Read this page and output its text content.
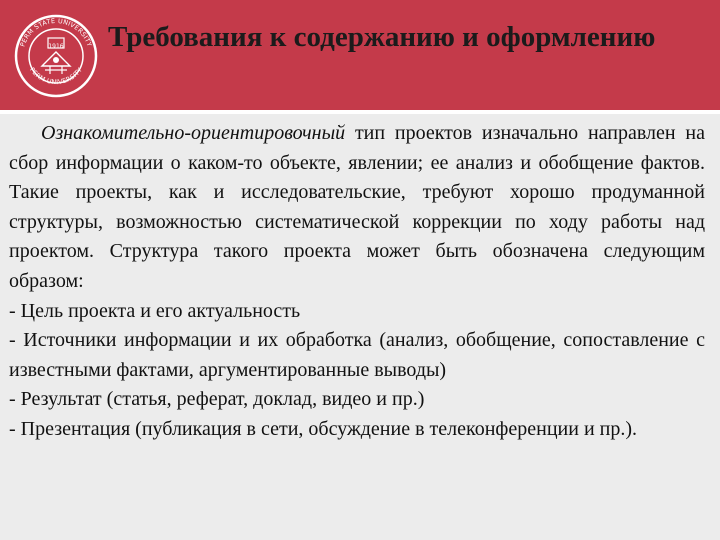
PERM STATE UNIVERSITY
PERM UNIVERSITY
1916 Требования к содержанию и оформлению

Ознакомительно-ориентировочный тип проектов изначально направлен на сбор информации о каком-то объекте, явлении; ее анализ и обобщение фактов. Такие проекты, как и исследовательские, требуют хорошо продуманной структуры, возможностью систематической коррекции по ходу работы над проектом. Структура такого проекта может быть обозначена следующим образом:

- Цель проекта и его актуальность

- Источники информации и их обработка (анализ, обобщение, сопоставление с известными фактами, аргументированные выводы)

- Результат (статья, реферат, доклад, видео и пр.)

- Презентация (публикация в сети, обсуждение в телеконференции и пр.).
